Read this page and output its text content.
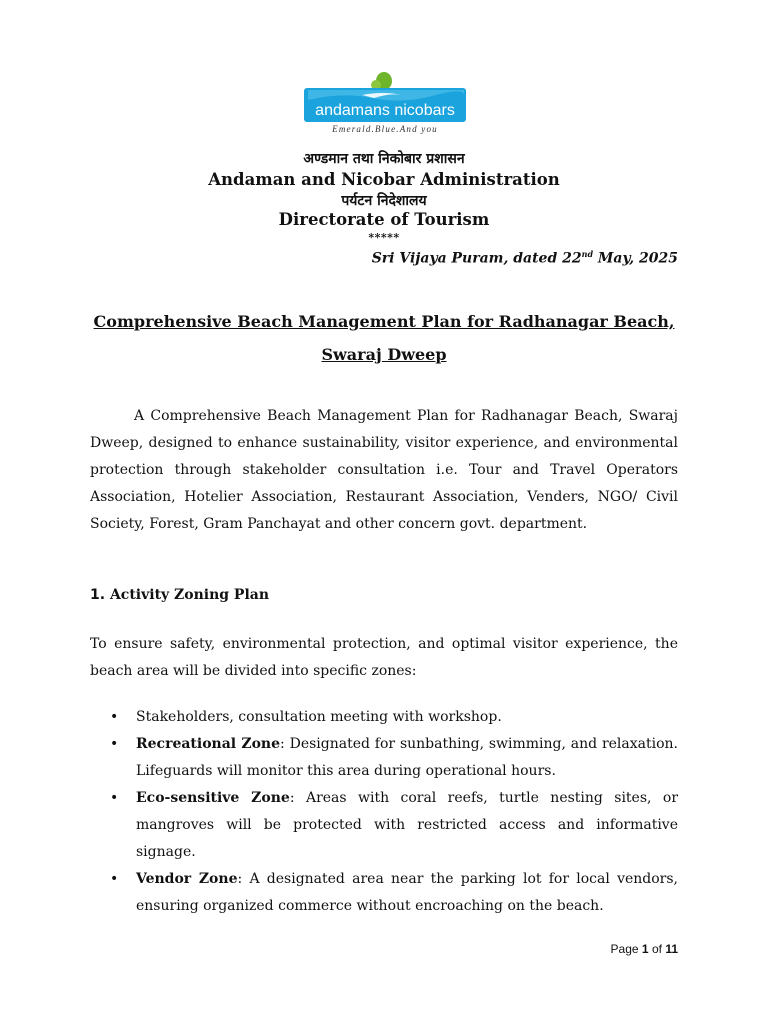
andamans nicobars
Emerald.Blue.And you
अण्डमान तथा निकोबार प्रशासन
Andaman and Nicobar Administration
पर्यटन निदेशालय
Directorate of Tourism
*****
Sri Vijaya Puram, dated 22nd May, 2025
Comprehensive Beach Management Plan for Radhanagar Beach,
Swaraj Dweep
A Comprehensive Beach Management Plan for Radhanagar Beach, Swaraj Dweep, designed to enhance sustainability, visitor experience, and environmental protection through stakeholder consultation i.e. Tour and Travel Operators Association, Hotelier Association, Restaurant Association, Venders, NGO/ Civil Society, Forest, Gram Panchayat and other concern govt. department.
1. Activity Zoning Plan
To ensure safety, environmental protection, and optimal visitor experience, the beach area will be divided into specific zones:
• Stakeholders, consultation meeting with workshop.
• Recreational Zone: Designated for sunbathing, swimming, and relaxation. Lifeguards will monitor this area during operational hours.
• Eco-sensitive Zone: Areas with coral reefs, turtle nesting sites, or mangroves will be protected with restricted access and informative signage.
• Vendor Zone: A designated area near the parking lot for local vendors, ensuring organized commerce without encroaching on the beach.
Page 1 of 11
